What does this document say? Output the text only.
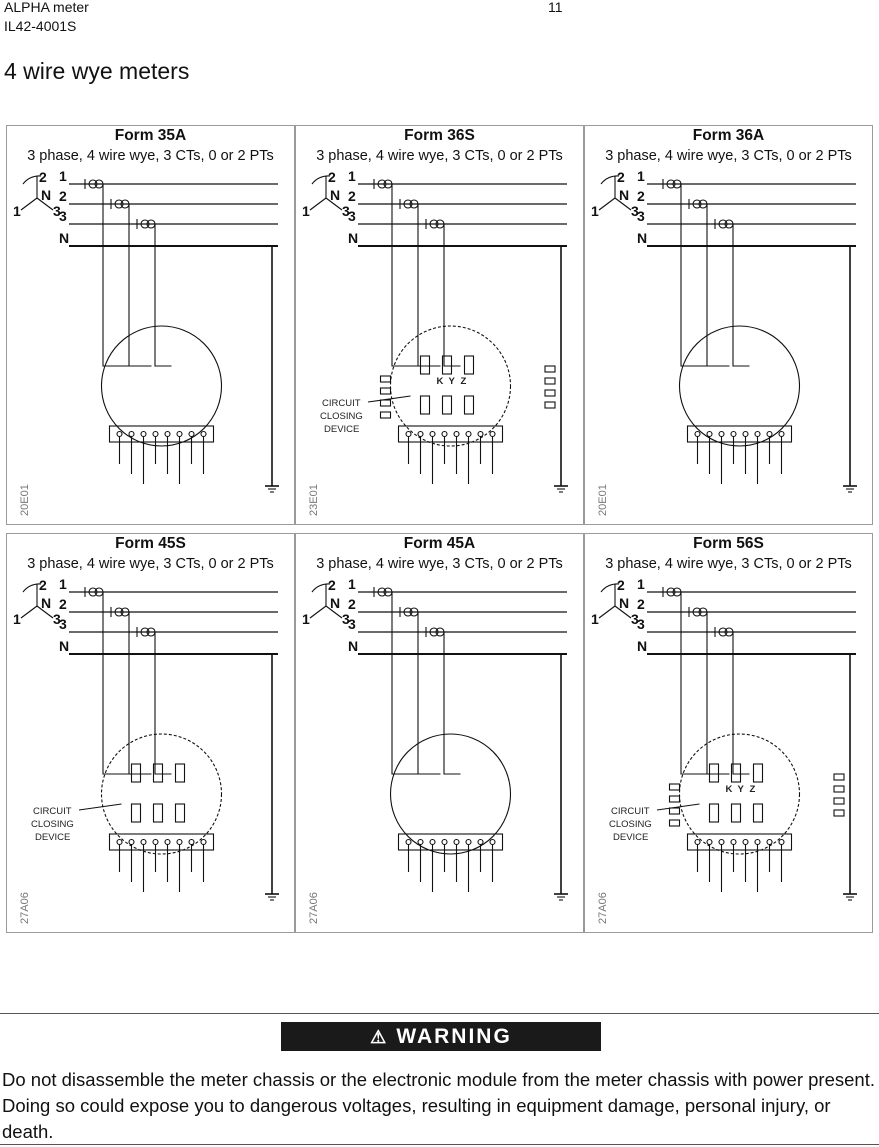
ALPHA meter
IL42-4001S
11
4 wire wye meters
Form 35A
3 phase, 4 wire wye, 3 CTs, 0 or 2 PTs
20E01
2
1 3
N
1
2
3
N
Form 36S
3 phase, 4 wire wye, 3 CTs, 0 or 2 PTs
23E01
2
1 3
N
1
2
3
N
CIRCUIT
CLOSING
DEVICE
K Y Z
Form 36A
3 phase, 4 wire wye, 3 CTs, 0 or 2 PTs
20E01
2
1 3
N
1
2
3
N
Form 45S
3 phase, 4 wire wye, 3 CTs, 0 or 2 PTs
27A06
2
1 3
N
1
2
3
N
CIRCUIT
CLOSING
DEVICE
Form 45A
3 phase, 4 wire wye, 3 CTs, 0 or 2 PTs
27A06
2
1 3
N
1
2
3
N
Form 56S
3 phase, 4 wire wye, 3 CTs, 0 or 2 PTs
27A06
2
1 3
N
1
2
3
N
CIRCUIT
CLOSING
DEVICE
K Y Z
⚠ WARNING
Do not disassemble the meter chassis or the electronic module from the meter chassis with power present. Doing so could expose you to dangerous voltages, resulting in equipment damage, personal injury, or death.
